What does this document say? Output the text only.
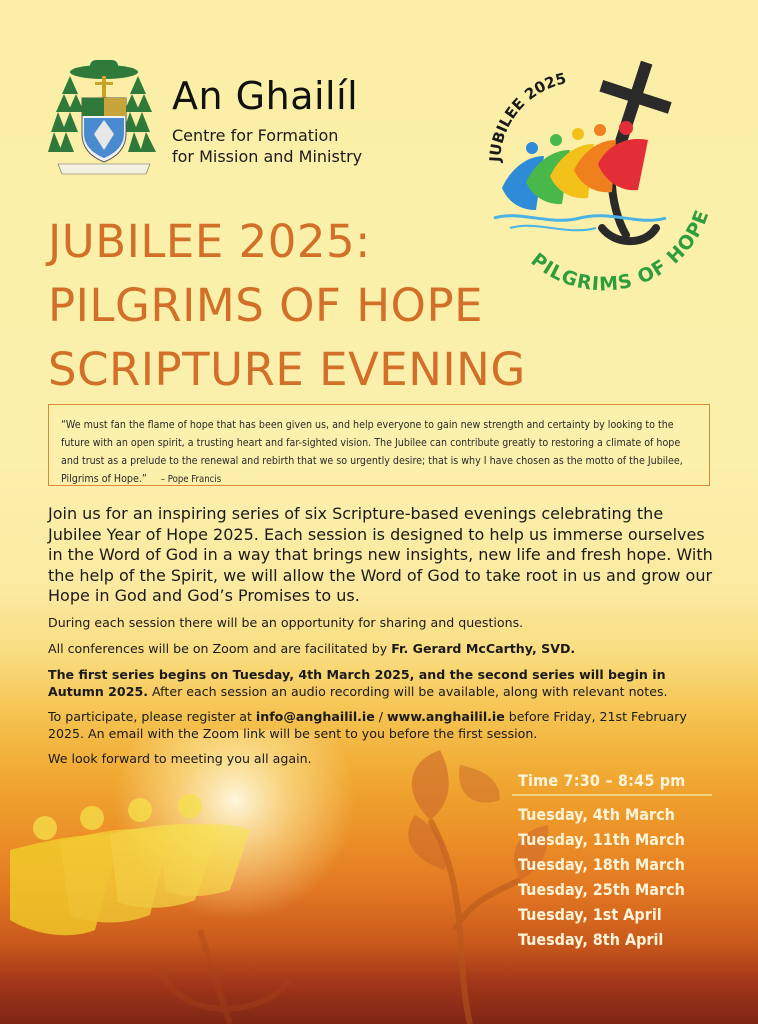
An Ghailíl
Centre for Formation
for Mission and Ministry	JUBILEE 2025
PILGRIMS OF HOPE
JUBILEE 2025:
PILGRIMS OF HOPE
SCRIPTURE EVENING
“We must fan the flame of hope that has been given us, and help everyone to gain new strength and certainty by looking to the future with an open spirit, a trusting heart and far-sighted vision. The Jubilee can contribute greatly to restoring a climate of hope and trust as a prelude to the renewal and rebirth that we so urgently desire; that is why I have chosen as the motto of the Jubilee, Pilgrims of Hope.” – Pope Francis
Join us for an inspiring series of six Scripture-based evenings celebrating the Jubilee Year of Hope 2025. Each session is designed to help us immerse ourselves in the Word of God in a way that brings new insights, new life and fresh hope. With the help of the Spirit, we will allow the Word of God to take root in us and grow our Hope in God and God’s Promises to us.
During each session there will be an opportunity for sharing and questions.
All conferences will be on Zoom and are facilitated by Fr. Gerard McCarthy, SVD.
The first series begins on Tuesday, 4th March 2025, and the second series will begin in Autumn 2025. After each session an audio recording will be available, along with relevant notes.
To participate, please register at info@anghailil.ie / www.anghailil.ie before Friday, 21st February 2025. An email with the Zoom link will be sent to you before the first session.
We look forward to meeting you all again.
Time 7:30 – 8:45 pm
Tuesday, 4th March
Tuesday, 11th March
Tuesday, 18th March
Tuesday, 25th March
Tuesday, 1st April
Tuesday, 8th April
